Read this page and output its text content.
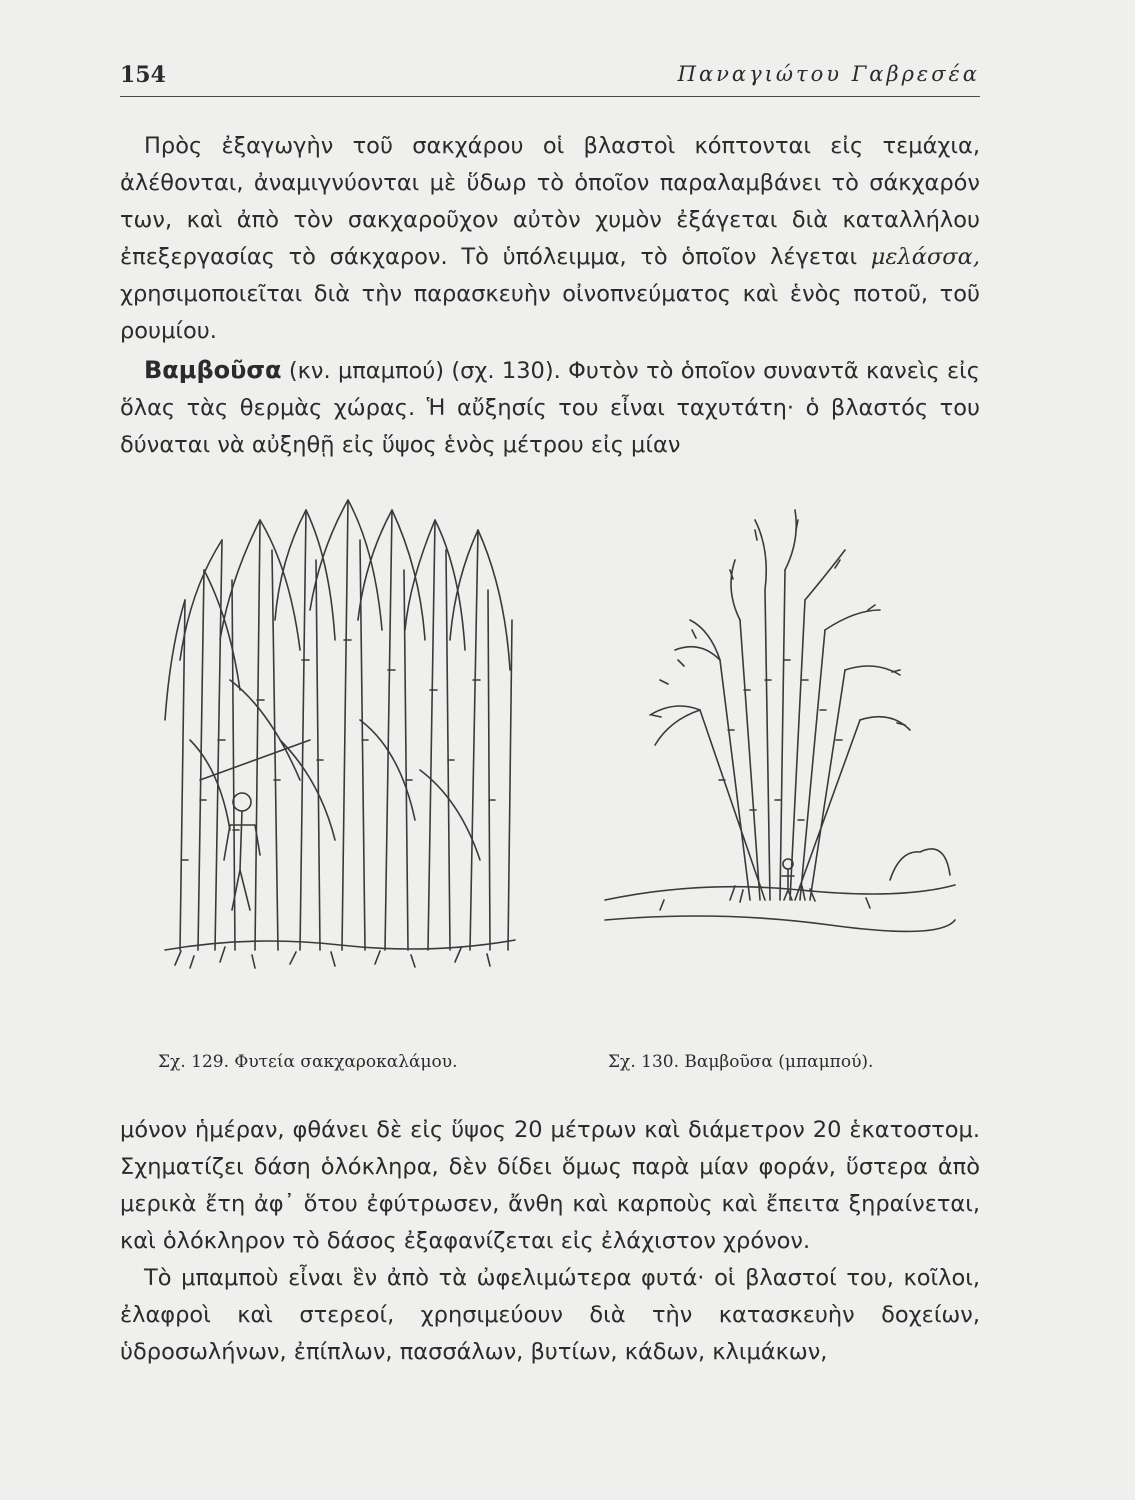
154	Παναγιώτου Γαβρεσέα

Πρὸς ἐξαγωγὴν τοῦ σακχάρου οἱ βλαστοὶ κόπτονται εἰς τεμάχια, ἀλέθονται, ἀναμιγνύονται μὲ ὕδωρ τὸ ὁποῖον παραλαμβάνει τὸ σάκχαρόν των, καὶ ἀπὸ τὸν σακχαροῦχον αὐτὸν χυμὸν ἐξάγεται διὰ καταλλήλου ἐπεξεργασίας τὸ σάκχαρον. Τὸ ὑπόλειμμα, τὸ ὁποῖον λέγεται μελάσσα, χρησιμοποιεῖται διὰ τὴν παρασκευὴν οἰνοπνεύματος καὶ ἑνὸς ποτοῦ, τοῦ ρουμίου.

Βαμβοῦσα (κν. μπαμπού) (σχ. 130). Φυτὸν τὸ ὁποῖον συναντᾶ κανεὶς εἰς ὅλας τὰς θερμὰς χώρας. Ἡ αὔξησίς του εἶναι ταχυτάτη· ὁ βλαστός του δύναται νὰ αὐξηθῇ εἰς ὕψος ἑνὸς μέτρου εἰς μίαν

Σχ. 129. Φυτεία σακχαροκαλάμου.	Σχ. 130. Βαμβοῦσα (μπαμπού).

μόνον ἡμέραν, φθάνει δὲ εἰς ὕψος 20 μέτρων καὶ διάμετρον 20 ἑκατοστομ. Σχηματίζει δάση ὁλόκληρα, δὲν δίδει ὅμως παρὰ μίαν φοράν, ὕστερα ἀπὸ μερικὰ ἔτη ἀφ᾿ ὅτου ἐφύτρωσεν, ἄνθη καὶ καρποὺς καὶ ἔπειτα ξηραίνεται, καὶ ὁλόκληρον τὸ δάσος ἐξαφανίζεται εἰς ἐλάχιστον χρόνον.

Τὸ μπαμποὺ εἶναι ἓν ἀπὸ τὰ ὠφελιμώτερα φυτά· οἱ βλαστοί του, κοῖλοι, ἐλαφροὶ καὶ στερεοί, χρησιμεύουν διὰ τὴν κατασκευὴν δοχείων, ὑδροσωλήνων, ἐπίπλων, πασσάλων, βυτίων, κάδων, κλιμάκων,
